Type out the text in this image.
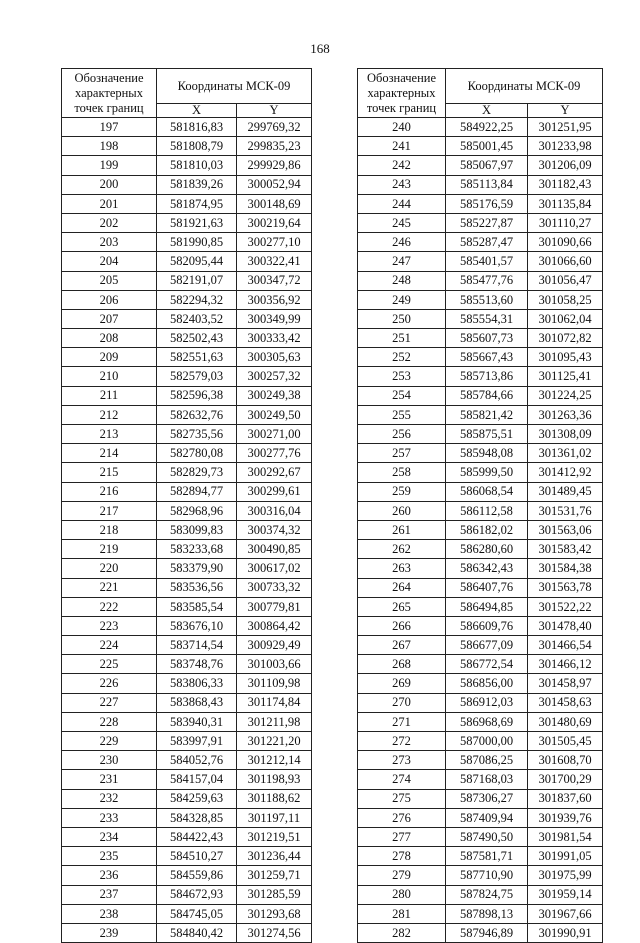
168
Обозначение характерных точек границ	Координаты МСК-09	
	X	Y
197	581816,83	299769,32
198	581808,79	299835,23
199	581810,03	299929,86
200	581839,26	300052,94
201	581874,95	300148,69
202	581921,63	300219,64
203	581990,85	300277,10
204	582095,44	300322,41
205	582191,07	300347,72
206	582294,32	300356,92
207	582403,52	300349,99
208	582502,43	300333,42
209	582551,63	300305,63
210	582579,03	300257,32
211	582596,38	300249,38
212	582632,76	300249,50
213	582735,56	300271,00
214	582780,08	300277,76
215	582829,73	300292,67
216	582894,77	300299,61
217	582968,96	300316,04
218	583099,83	300374,32
219	583233,68	300490,85
220	583379,90	300617,02
221	583536,56	300733,32
222	583585,54	300779,81
223	583676,10	300864,42
224	583714,54	300929,49
225	583748,76	301003,66
226	583806,33	301109,98
227	583868,43	301174,84
228	583940,31	301211,98
229	583997,91	301221,20
230	584052,76	301212,14
231	584157,04	301198,93
232	584259,63	301188,62
233	584328,85	301197,11
234	584422,43	301219,51
235	584510,27	301236,44
236	584559,86	301259,71
237	584672,93	301285,59
238	584745,05	301293,68
239	584840,42	301274,56
Обозначение характерных точек границ	Координаты МСК-09	
	X	Y
240	584922,25	301251,95
241	585001,45	301233,98
242	585067,97	301206,09
243	585113,84	301182,43
244	585176,59	301135,84
245	585227,87	301110,27
246	585287,47	301090,66
247	585401,57	301066,60
248	585477,76	301056,47
249	585513,60	301058,25
250	585554,31	301062,04
251	585607,73	301072,82
252	585667,43	301095,43
253	585713,86	301125,41
254	585784,66	301224,25
255	585821,42	301263,36
256	585875,51	301308,09
257	585948,08	301361,02
258	585999,50	301412,92
259	586068,54	301489,45
260	586112,58	301531,76
261	586182,02	301563,06
262	586280,60	301583,42
263	586342,43	301584,38
264	586407,76	301563,78
265	586494,85	301522,22
266	586609,76	301478,40
267	586677,09	301466,54
268	586772,54	301466,12
269	586856,00	301458,97
270	586912,03	301458,63
271	586968,69	301480,69
272	587000,00	301505,45
273	587086,25	301608,70
274	587168,03	301700,29
275	587306,27	301837,60
276	587409,94	301939,76
277	587490,50	301981,54
278	587581,71	301991,05
279	587710,90	301975,99
280	587824,75	301959,14
281	587898,13	301967,66
282	587946,89	301990,91
